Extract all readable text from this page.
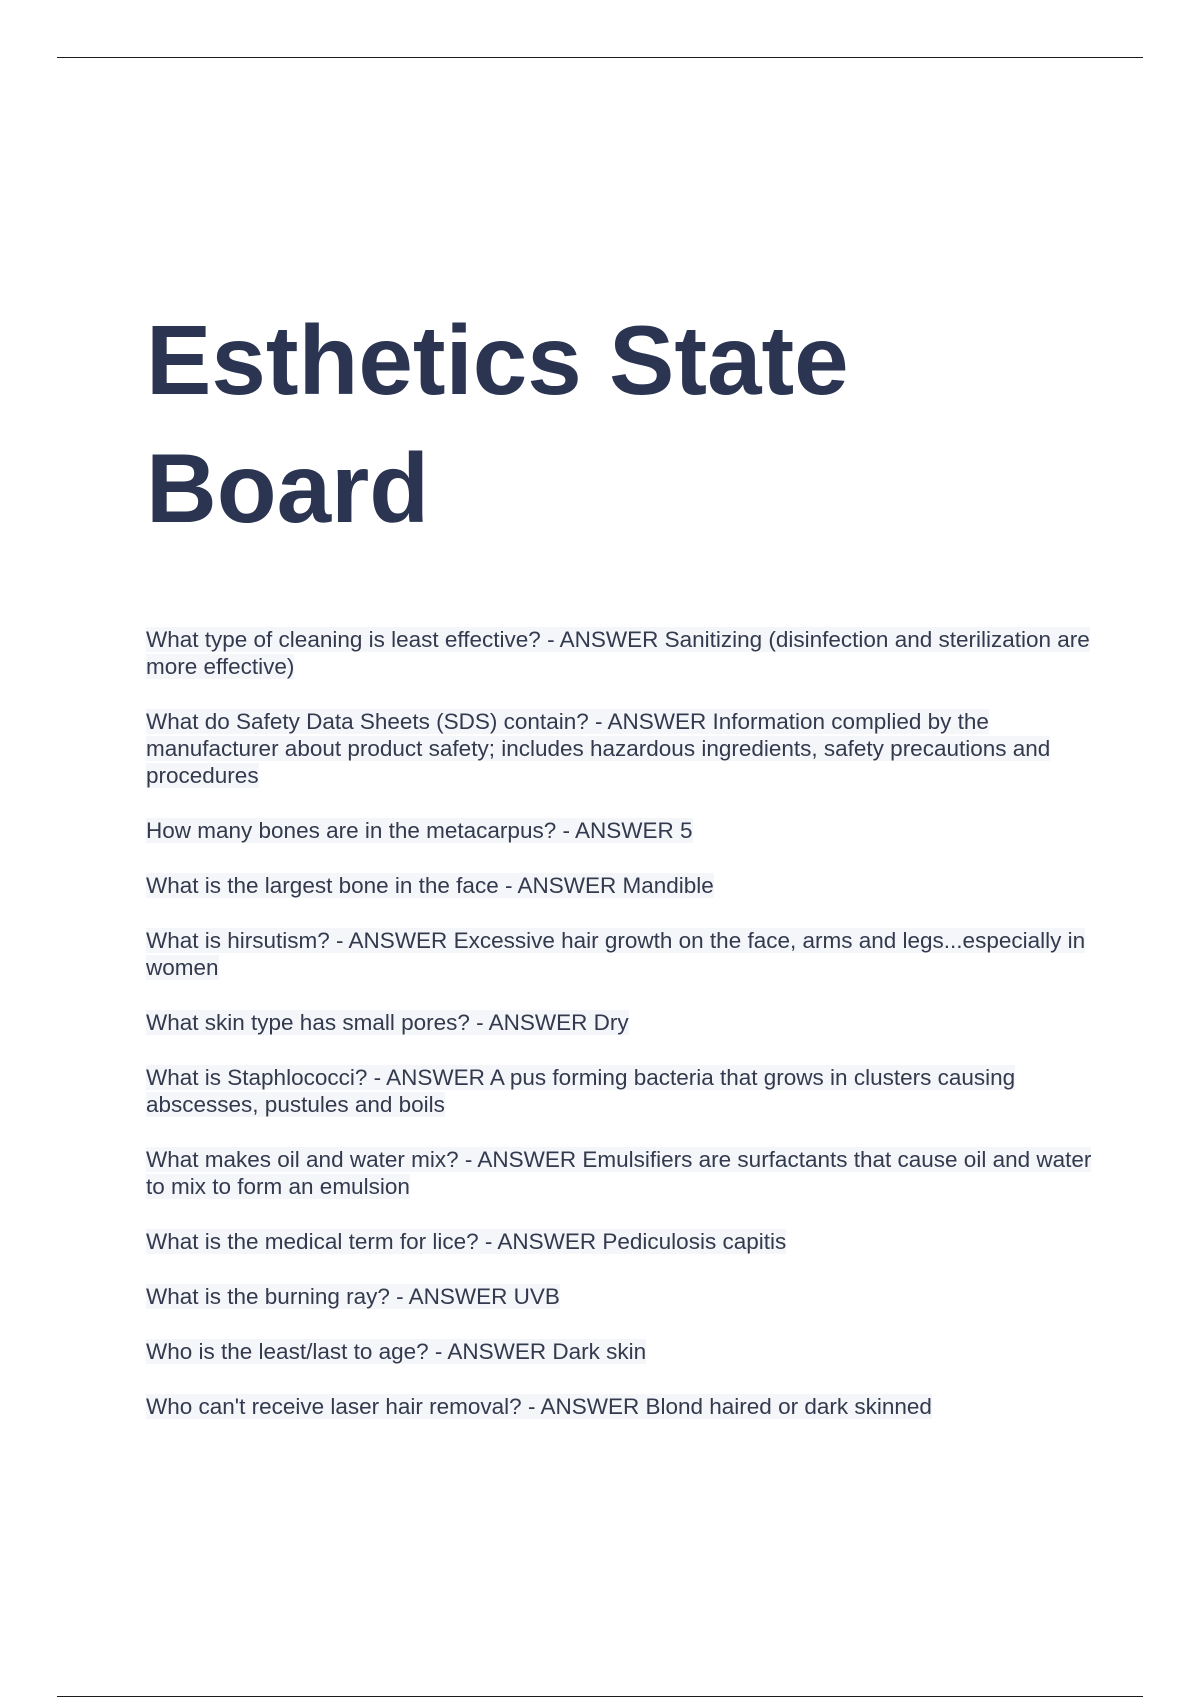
Esthetics State Board
What type of cleaning is least effective? - ANSWER Sanitizing (disinfection and sterilization are more effective)
What do Safety Data Sheets (SDS) contain? - ANSWER Information complied by the manufacturer about product safety; includes hazardous ingredients, safety precautions and procedures
How many bones are in the metacarpus? - ANSWER 5
What is the largest bone in the face - ANSWER Mandible
What is hirsutism? - ANSWER Excessive hair growth on the face, arms and legs...especially in women
What skin type has small pores? - ANSWER Dry
What is Staphlococci? - ANSWER A pus forming bacteria that grows in clusters causing abscesses, pustules and boils
What makes oil and water mix? - ANSWER Emulsifiers are surfactants that cause oil and water to mix to form an emulsion
What is the medical term for lice? - ANSWER Pediculosis capitis
What is the burning ray? - ANSWER UVB
Who is the least/last to age? - ANSWER Dark skin
Who can't receive laser hair removal? - ANSWER Blond haired or dark skinned
